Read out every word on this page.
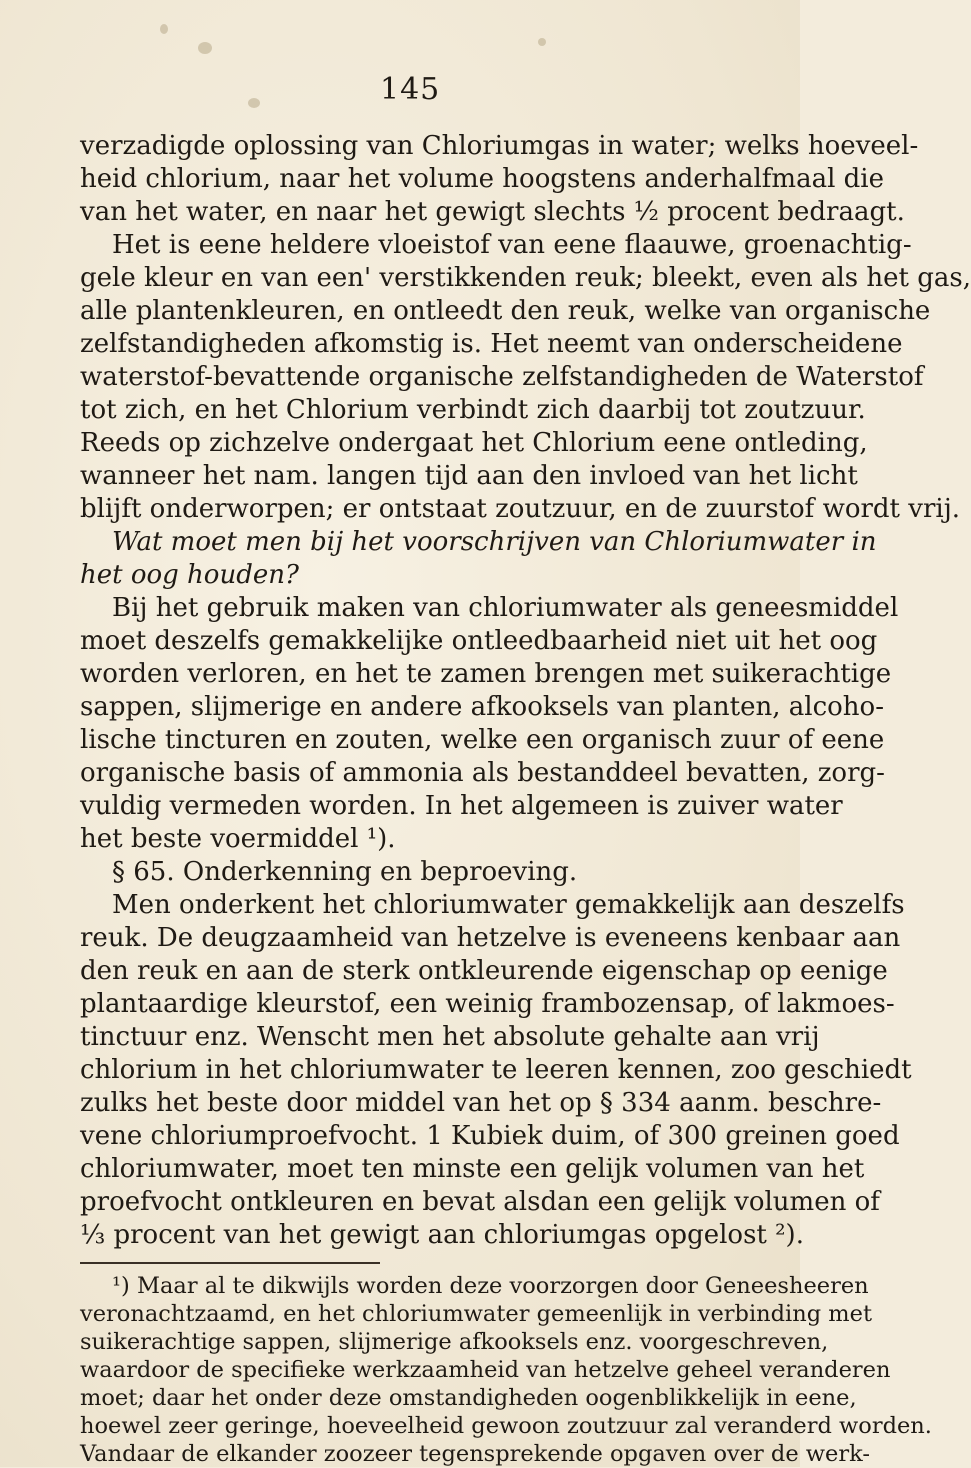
145
verzadigde oplossing van Chloriumgas in water; welks hoeveel-
heid chlorium, naar het volume hoogstens anderhalfmaal die
van het water, en naar het gewigt slechts ½ procent bedraagt.
Het is eene heldere vloeistof van eene flaauwe, groenachtig-
gele kleur en van een' verstikkenden reuk; bleekt, even als het gas,
alle plantenkleuren, en ontleedt den reuk, welke van organische
zelfstandigheden afkomstig is. Het neemt van onderscheidene
waterstof-bevattende organische zelfstandigheden de Waterstof
tot zich, en het Chlorium verbindt zich daarbij tot zoutzuur.
Reeds op zichzelve ondergaat het Chlorium eene ontleding,
wanneer het nam. langen tijd aan den invloed van het licht
blijft onderworpen; er ontstaat zoutzuur, en de zuurstof wordt vrij.
Wat moet men bij het voorschrijven van Chloriumwater in
het oog houden?
Bij het gebruik maken van chloriumwater als geneesmiddel
moet deszelfs gemakkelijke ontleedbaarheid niet uit het oog
worden verloren, en het te zamen brengen met suikerachtige
sappen, slijmerige en andere afkooksels van planten, alcoho-
lische tincturen en zouten, welke een organisch zuur of eene
organische basis of ammonia als bestanddeel bevatten, zorg-
vuldig vermeden worden. In het algemeen is zuiver water
het beste voermiddel ¹).
§ 65. Onderkenning en beproeving.
Men onderkent het chloriumwater gemakkelijk aan deszelfs
reuk. De deugzaamheid van hetzelve is eveneens kenbaar aan
den reuk en aan de sterk ontkleurende eigenschap op eenige
plantaardige kleurstof, een weinig frambozensap, of lakmoes-
tinctuur enz. Wenscht men het absolute gehalte aan vrij
chlorium in het chloriumwater te leeren kennen, zoo geschiedt
zulks het beste door middel van het op § 334 aanm. beschre-
vene chloriumproefvocht. 1 Kubiek duim, of 300 greinen goed
chloriumwater, moet ten minste een gelijk volumen van het
proefvocht ontkleuren en bevat alsdan een gelijk volumen of
⅓ procent van het gewigt aan chloriumgas opgelost ²).
¹) Maar al te dikwijls worden deze voorzorgen door Geneesheeren
veronachtzaamd, en het chloriumwater gemeenlijk in verbinding met
suikerachtige sappen, slijmerige afkooksels enz. voorgeschreven,
waardoor de specifieke werkzaamheid van hetzelve geheel veranderen
moet; daar het onder deze omstandigheden oogenblikkelijk in eene,
hoewel zeer geringe, hoeveelheid gewoon zoutzuur zal veranderd worden.
Vandaar de elkander zoozeer tegensprekende opgaven over de werk-
